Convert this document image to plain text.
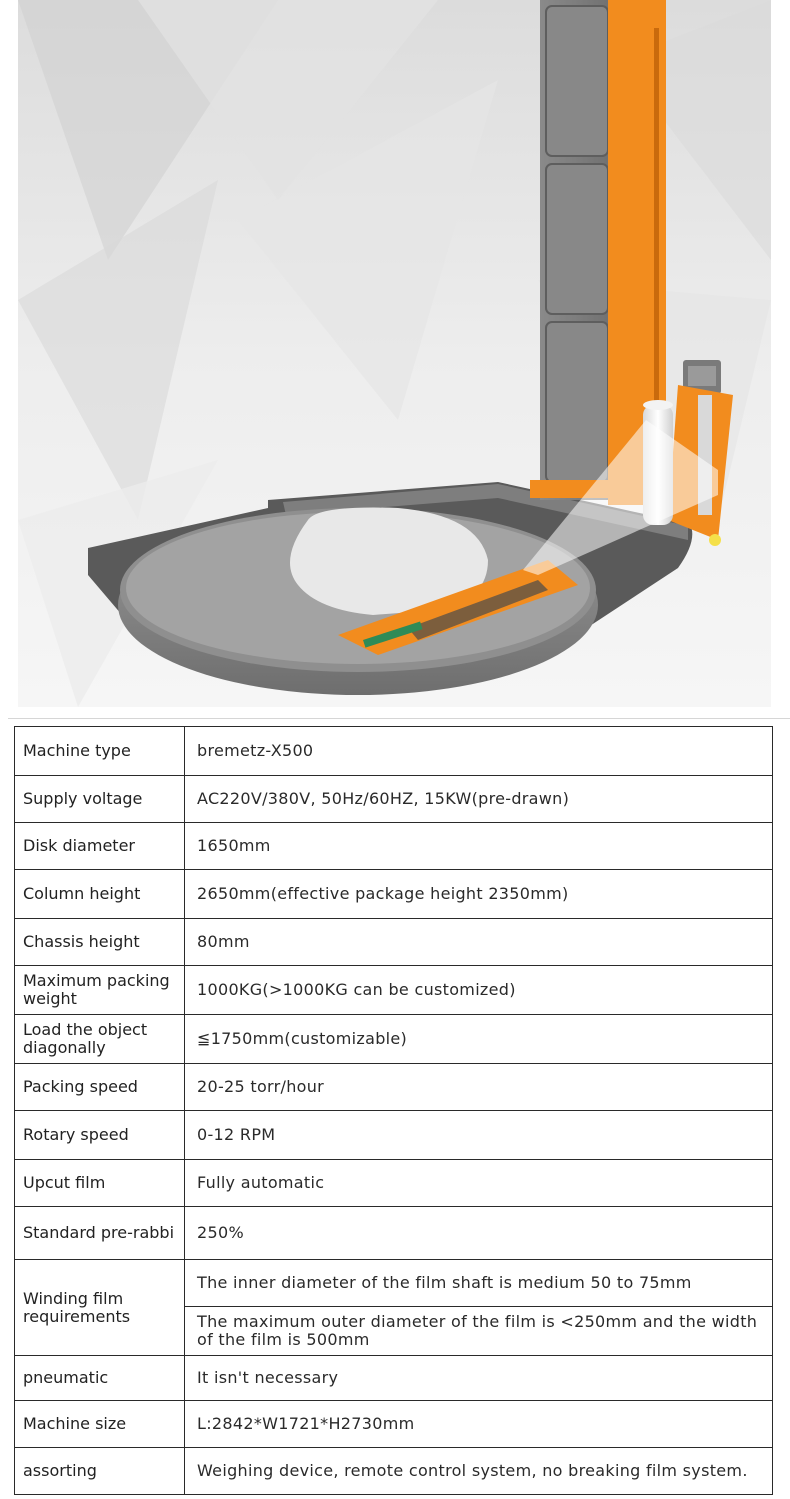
Machine type	bremetz-X500
Supply voltage	AC220V/380V, 50Hz/60HZ, 15KW(pre-drawn)
Disk diameter	1650mm
Column height	2650mm(effective package height 2350mm)
Chassis height	80mm
Maximum packing weight	1000KG(>1000KG can be customized)
Load the object diagonally	≦1750mm(customizable)
Packing speed	20-25 torr/hour
Rotary speed	0-12 RPM
Upcut film	Fully automatic
Standard pre-rabbi	250%
Winding film requirements	The inner diameter of the film shaft is medium 50 to 75mm
	The maximum outer diameter of the film is <250mm and the width of the film is 500mm
pneumatic	It isn't necessary
Machine size	L:2842*W1721*H2730mm
assorting	Weighing device, remote control system, no breaking film system.
